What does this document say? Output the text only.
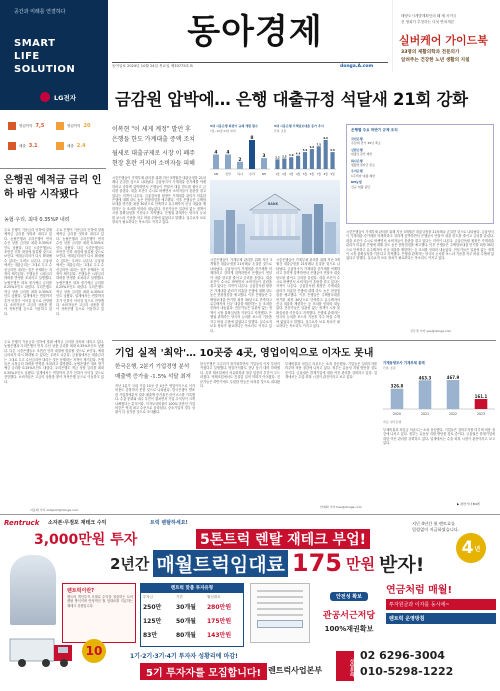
공간과 미래를 연결하다
SMART
LIFE
SOLUTION
LG전자
영업이익 7,5
매출 3.1
영업이익 20
매출 2.4
동아경제
동아일보 2024년 10월 24일 목요일 제33775호 B	donga.A.com
태양도시개발계획인의 왜 제 서거국
전 영희가 추천하는 다섯 반치개론
실버케어 가이드북
33명의 재활의학과 전문의가
알려주는 건강한 노년 생활의 지침
금감원 압박에… 은행 대출규정 석달새 21회 강화
이복현 "이 세게 계정" 발언 후
은행들 한도 가계대출 증액 조치
월세로 대출규제로 시장 이 폐주
현장 혼란 커지며 소비자들 피해
5대 시중은행 하반기 규제 개편 횟수
7월~10월 23일 현재
4
KB
4
신한
2
하나
8
우리
3
NH
5대 시중은행 주택담보대출 증가 추이
단위: 조원
3.2
1월
3.5
2월
3.9
3월
4.4
4월
5.6
5월
6.6
6월
7.5
7월
9.6
8월
5.6
9월
BANK
은행별 주요 하반기 규제 조치
국민은행
주담대 만기 30년 축소
신한은행
대출모집인 제한
하나은행
생활안정자금 한도
우리은행
1주택자 대출 제한
NH농협
신규 대출 중단
시중은행들이 가계부채 관리를 위해 지난 3개월간 대출규정을 21차례나 손질한 것으로 나타났다. 금융당국이 가계대출 증가세를 억제하라고 강하게 압박하면서 은행들이 연달아 대출 한도를 줄이고 금리를 올렸다. 대출 조건이 수시로 바뀌면서 소비자들이 혼란을 겪고 있다는 지적이 나온다. 금융감독원 원장은 가계대출 관리가 미흡한 은행에 대해 강도 높은 현장점검을 예고했다. 이후 은행들은 주택담보대출 만기를 최장 30년으로 단축하고 유주택자의 신규 대출을 제한하는 등 조치를 잇따라 내놓았다. 전문가들은 일관성 없는 정책이 시장 불확실성을 키운다고 지적했다. 은행권 관계자는 당국의 눈치를 보느라 기준을 자주 바꿀 수밖에 없었다고 말했다. 실수요자 보호 장치가 필요하다는 목소리도 커지고 있다.
시중은행들이 가계부채 관리를 위해 지난 3개월간 대출규정을 21차례나 손질한 것으로 나타났다. 금융당국이 가계대출 증가세를 억제하라고 강하게 압박하면서 은행들이 연달아 대출 한도를 줄이고 금리를 올렸다. 대출 조건이 수시로 바뀌면서 소비자들이 혼란을 겪고 있다는 지적이 나온다. 금융감독원 원장은 가계대출 관리가 미흡한 은행에 대해 강도 높은 현장점검을 예고했다. 이후 은행들은 주택담보대출 만기를 최장 30년으로 단축하고 유주택자의 신규 대출을 제한하는 등 조치를 잇따라 내놓았다. 전문가들은 일관성 없는 정책이 시장 불확실성을 키운다고 지적했다. 은행권 관계자는 당국의 눈치를 보느라 기준을 자주 바꿀 수밖에 없었다고 말했다. 실수요자 보호 장치가 필요하다는 목소리도 커지고 있다.
시중은행들이 가계부채 관리를 위해 지난 3개월간 대출규정을 21차례나 손질한 것으로 나타났다. 금융당국이 가계대출 증가세를 억제하라고 강하게 압박하면서 은행들이 연달아 대출 한도를 줄이고 금리를 올렸다. 대출 조건이 수시로 바뀌면서 소비자들이 혼란을 겪고 있다는 지적이 나온다. 금융감독원 원장은 가계대출 관리가 미흡한 은행에 대해 강도 높은 현장점검을 예고했다. 이후 은행들은 주택담보대출 만기를 최장 30년으로 단축하고 유주택자의 신규 대출을 제한하는 등 조치를 잇따라 내놓았다. 전문가들은 일관성 없는 정책이 시장 불확실성을 키운다고 지적했다. 은행권 관계자는 당국의 눈치를 보느라 기준을 자주 바꿀 수밖에 없었다고 말했다. 실수요자 보호 장치가 필요하다는 목소리도 커지고 있다.
시중은행들이 가계부채 관리를 위해 지난 3개월간 대출규정을 21차례나 손질한 것으로 나타났다. 금융당국이 가계대출 증가세를 억제하라고 강하게 압박하면서 은행들이 연달아 대출 한도를 줄이고 금리를 올렸다. 대출 조건이 수시로 바뀌면서 소비자들이 혼란을 겪고 있다는 지적이 나온다. 금융감독원 원장은 가계대출 관리가 미흡한 은행에 대해 강도 높은 현장점검을 예고했다. 이후 은행들은 주택담보대출 만기를 최장 30년으로 단축하고 유주택자의 신규 대출을 제한하는 등 조치를 잇따라 내놓았다. 전문가들은 일관성 없는 정책이 시장 불확실성을 키운다고 지적했다. 은행권 관계자는 당국의 눈치를 보느라 기준을 자주 바꿀 수밖에 없었다고 말했다. 실수요자 보호 장치가 필요하다는 목소리도 커지고 있다.
신무경 기자 yes@donga.com
은행권 예적금 금리 인하 바람 시작됐다
농협·우리, 최대 0.35%P 내려
주요 은행이 기준금리 인하에 맞춰 예적금 금리를 잇따라 내리고 있다. 농협은행과 우리은행이 먼저 수신 상품 금리를 최대 0.35%포인트 낮췄다. 다른 시중은행들도 조만간 인하 대열에 합류할 것으로 보인다. 예대금리차가 다시 확대될 수 있다는 우려도 나온다. 금융권에서는 대출금리는 그대로 두고 수신금리만 내리는 것은 문제라는 지적이 제기된다. 은행들은 시장금리 하락을 반영한 조치라고 설명했다. 농협은행은 대표 정기예금 금리를 0.25%포인트 내렸다. 우리은행도 적금 상품 금리를 최대 0.35%포인트 낮췄다. 업계에서는 연말까지 추가 인하가 이어질 것으로 전망했다. 소비자들은 고금리 상품을 찾아 저축은행 등으로 이동하고 있다.
주요 은행이 기준금리 인하에 맞춰 예적금 금리를 잇따라 내리고 있다. 농협은행과 우리은행이 먼저 수신 상품 금리를 최대 0.35%포인트 낮췄다. 다른 시중은행들도 조만간 인하 대열에 합류할 것으로 보인다. 예대금리차가 다시 확대될 수 있다는 우려도 나온다. 금융권에서는 대출금리는 그대로 두고 수신금리만 내리는 것은 문제라는 지적이 제기된다. 은행들은 시장금리 하락을 반영한 조치라고 설명했다. 농협은행은 대표 정기예금 금리를 0.25%포인트 내렸다. 우리은행도 적금 상품 금리를 최대 0.35%포인트 낮췄다. 업계에서는 연말까지 추가 인하가 이어질 것으로 전망했다. 소비자들은 고금리 상품을 찾아 저축은행 등으로 이동하고 있다.
주요 은행이 기준금리 인하에 맞춰 예적금 금리를 잇따라 내리고 있다. 농협은행과 우리은행이 먼저 수신 상품 금리를 최대 0.35%포인트 낮췄다. 다른 시중은행들도 조만간 인하 대열에 합류할 것으로 보인다. 예대금리차가 다시 확대될 수 있다는 우려도 나온다. 금융권에서는 대출금리는 그대로 두고 수신금리만 내리는 것은 문제라는 지적이 제기된다. 은행들은 시장금리 하락을 반영한 조치라고 설명했다. 농협은행은 대표 정기예금 금리를 0.25%포인트 내렸다. 우리은행도 적금 상품 금리를 최대 0.35%포인트 낮췄다. 업계에서는 연말까지 추가 인하가 이어질 것으로 전망했다. 소비자들은 고금리 상품을 찾아 저축은행 등으로 이동하고 있다.
이윤태 기자 oldsport@donga.com
기업 실적 '최악'… 10곳중 4곳, 영업이익으로 이자도 못내
한국은행, 2분기 기업경영 분석
매출액 증가율 -1.5% 석달 최저
지난 2분기 국내 기업 10곳 중 4곳은 영업이익으로 이자비용도 감당하지 못한 것으로 나타났다. 한국은행이 발표한 기업경영분석 결과 매출액 증가율은 마이너스를 기록했다. 수출 둔화와 내수 부진이 겹치면서 기업 수익성이 크게 나빠졌다는 분석이다. 이자보상비율이 100% 미만인 기업 비중은 역대 최고 수준으로 올라섰다. 중소기업의 경우 상황이 더 심각한 것으로 조사됐다.
한국은행은 고금리가 장기화하면서 기업들의 이자 부담이 커졌다고 설명했다. 영업이익률도 전년 동기 대비 하락했다. 특히 제조업에서 석유화학과 철강 업종의 부진이 두드러졌다. 비제조업에서도 건설업 실적 악화가 이어졌다. 전문가들은 하반기에도 뚜렷한 반등은 어려울 것으로 내다봤다.
부채비율과 차입금 의존도는 소폭 상승했다. 기업들은 설비투자를 미루며 비용 절감에 나서고 있다. 정부는 유동성 지원 방안을 검토 중이다. 금융권은 한계기업에 대한 여신 관리를 강화하고 있다. 업계에서는 수출 회복 시점이 관건이라고 보고 있다.
한재희 기자 hee@donga.com
가계동향조사 가계부채 총액
단위: 조원
326.8
2020
463.3
2021
467.9
2022
161.1
2023
자료: 한국은행
부채비율과 차입금 의존도는 소폭 상승했다. 기업들은 설비투자를 미루며 비용 절감에 나서고 있다. 정부는 유동성 지원 방안을 검토 중이다. 금융권은 한계기업에 대한 여신 관리를 강화하고 있다. 업계에서는 수출 회복 시점이 관건이라고 보고 있다.
▶ 관련기사 B4면
Rentruck 소자본·무점포 재테크 수익	트럭 렌탈하세요!
3,000만원 투자	5톤트럭 렌탈 재테크 부업!
지난 4년간 월 렌트료를
밀림없이 지급하였습니다.
4 년
2년간 매월트럭임대료 175 만원 받자!
렌트럭이란?
렌트럭 개인투자 모델로 수익을 창출하는 트럭 렌탈 방식이며 안정적인 월 임대료를 지급하는 재테크 상품입니다.
렌트럭 맞춤 투자유형
투자금	기간	월임대료
250만	30개월	280만원
125만	50개월	175만원
83만	80개월	143만원
안전성 확보
관공서근저당
100%재권확보
연금처럼 매월!
투자원금과 이자를 동시에~
렌트럭 운영방침
10	1기·2기·3기·4기 투자자 성황리에 마감!
5기 투자자를 모집합니다! 렌트럭사업본부	상담문의
02 6296-3004
010-5298-1222
